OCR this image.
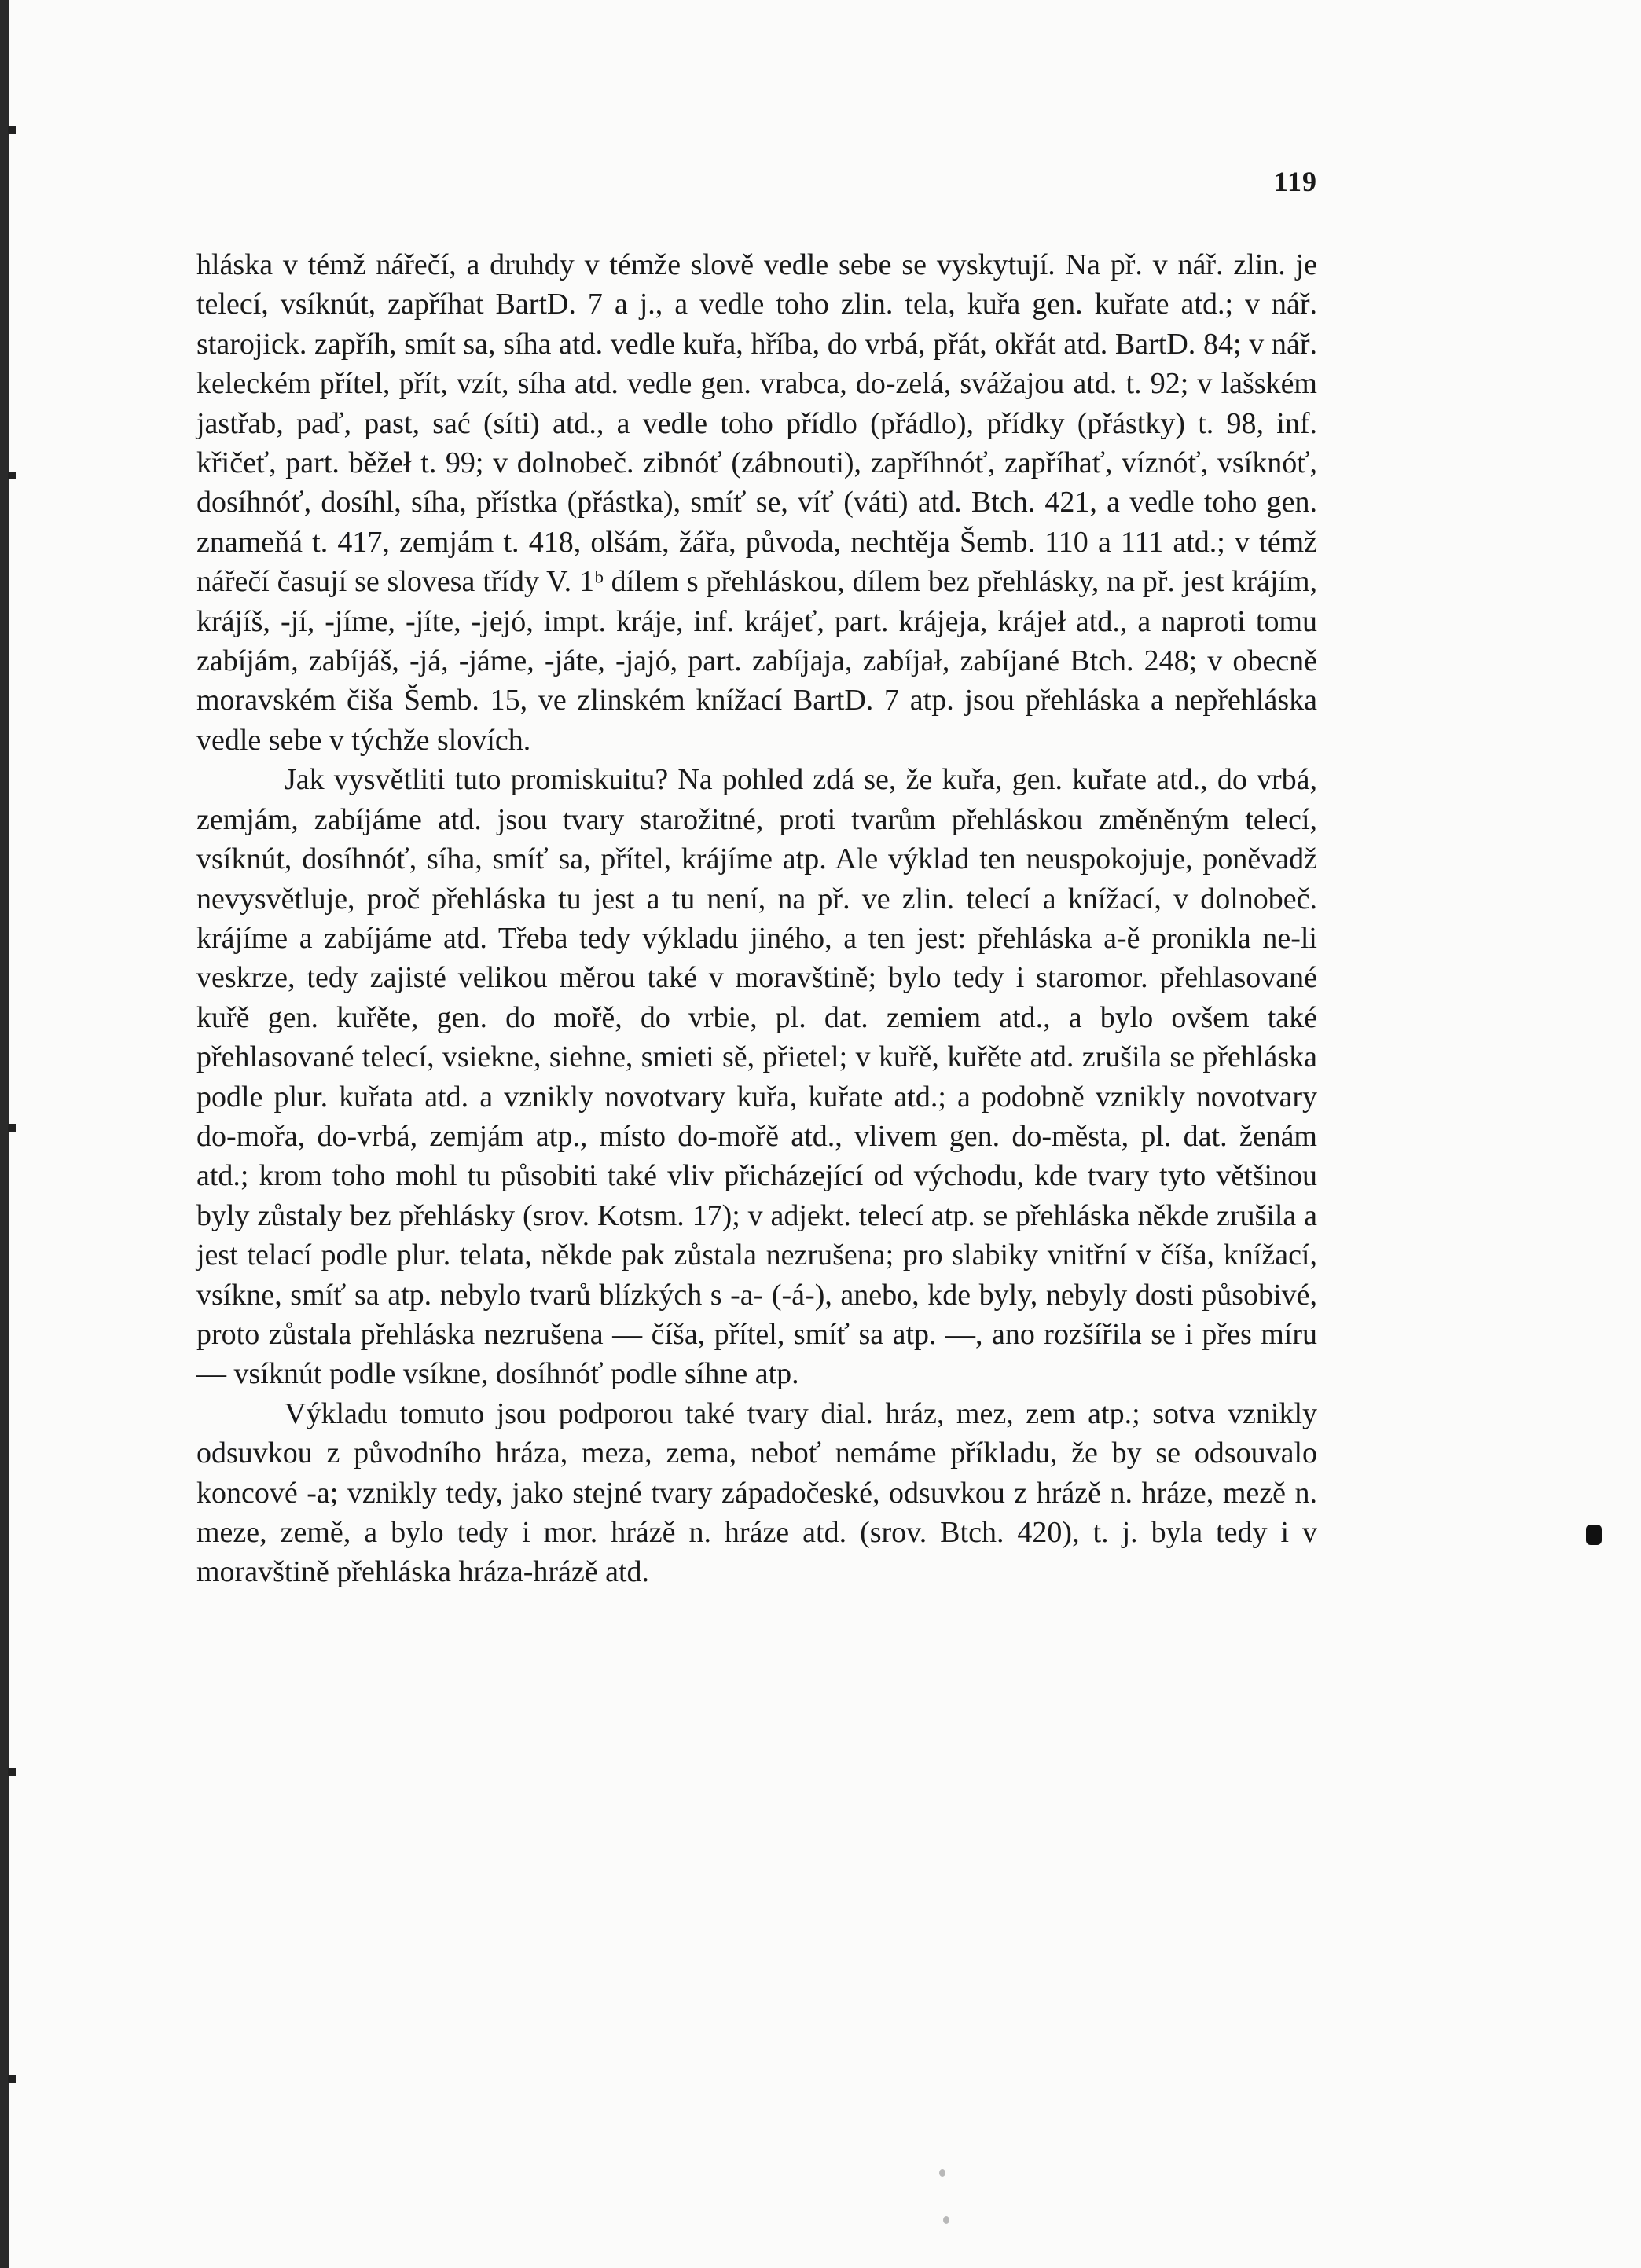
119

hláska v témž nářečí, a druhdy v témže slově vedle sebe se vyskytují. Na př. v nář. zlin. je telecí, vsíknút, zapříhat BartD. 7 a j., a vedle toho zlin. tela, kuřa gen. kuřate atd.; v nář. starojick. zapříh, smít sa, síha atd. vedle kuřa, hříba, do vrbá, přát, okřát atd. BartD. 84; v nář. keleckém přítel, přít, vzít, síha atd. vedle gen. vrabca, do-zelá, svážajou atd. t. 92; v lašském jastřab, paď, past, sać (síti) atd., a vedle toho přídlo (přádlo), přídky (přástky) t. 98, inf. křičeť, part. běžeł t. 99; v dolnobeč. zibnóť (zábnouti), zapříhnóť, zapříhať, víznóť, vsíknóť, dosíhnóť, dosíhl, síha, přístka (přástka), smíť se, víť (váti) atd. Btch. 421, a vedle toho gen. znameňá t. 417, zemjám t. 418, olšám, žářa, původa, nechtěja Šemb. 110 a 111 atd.; v témž nářečí časují se slovesa třídy V. 1ᵇ dílem s přehláskou, dílem bez přehlásky, na př. jest krájím, krájíš, -jí, -jíme, -jíte, -jejó, impt. kráje, inf. krájeť, part. krájeja, krájeł atd., a naproti tomu zabíjám, zabíjáš, -já, -jáme, -játe, -jajó, part. zabíjaja, zabíjał, zabíjané Btch. 248; v obecně moravském čiša Šemb. 15, ve zlinském knížací BartD. 7 atp. jsou přehláska a nepřehláska vedle sebe v týchže slovích.

Jak vysvětliti tuto promiskuitu? Na pohled zdá se, že kuřa, gen. kuřate atd., do vrbá, zemjám, zabíjáme atd. jsou tvary starožitné, proti tvarům přehláskou změněným telecí, vsíknút, dosíhnóť, síha, smíť sa, přítel, krájíme atp. Ale výklad ten neuspokojuje, poněvadž nevysvětluje, proč přehláska tu jest a tu není, na př. ve zlin. telecí a knížací, v dolnobeč. krájíme a zabíjáme atd. Třeba tedy výkladu jiného, a ten jest: přehláska a-ě pronikla ne-li veskrze, tedy zajisté velikou měrou také v moravštině; bylo tedy i staromor. přehlasované kuřě gen. kuřěte, gen. do mořě, do vrbie, pl. dat. zemiem atd., a bylo ovšem také přehlasované telecí, vsiekne, siehne, smieti sě, přietel; v kuřě, kuřěte atd. zrušila se přehláska podle plur. kuřata atd. a vznikly novotvary kuřa, kuřate atd.; a podobně vznikly novotvary do-mořa, do-vrbá, zemjám atp., místo do-mořě atd., vlivem gen. do-města, pl. dat. ženám atd.; krom toho mohl tu působiti také vliv přicházející od východu, kde tvary tyto většinou byly zůstaly bez přehlásky (srov. Kotsm. 17); v adjekt. telecí atp. se přehláska někde zrušila a jest telací podle plur. telata, někde pak zůstala nezrušena; pro slabiky vnitřní v číša, knížací, vsíkne, smíť sa atp. nebylo tvarů blízkých s -a- (-á-), anebo, kde byly, nebyly dosti působivé, proto zůstala přehláska nezrušena — číša, přítel, smíť sa atp. —, ano rozšířila se i přes míru — vsíknút podle vsíkne, dosíhnóť podle síhne atp.

Výkladu tomuto jsou podporou také tvary dial. hráz, mez, zem atp.; sotva vznikly odsuvkou z původního hráza, meza, zema, neboť nemáme příkladu, že by se odsouvalo koncové -a; vznikly tedy, jako stejné tvary západočeské, odsuvkou z hrázě n. hráze, mezě n. meze, země, a bylo tedy i mor. hrázě n. hráze atd. (srov. Btch. 420), t. j. byla tedy i v moravštině přehláska hráza-hrázě atd.
